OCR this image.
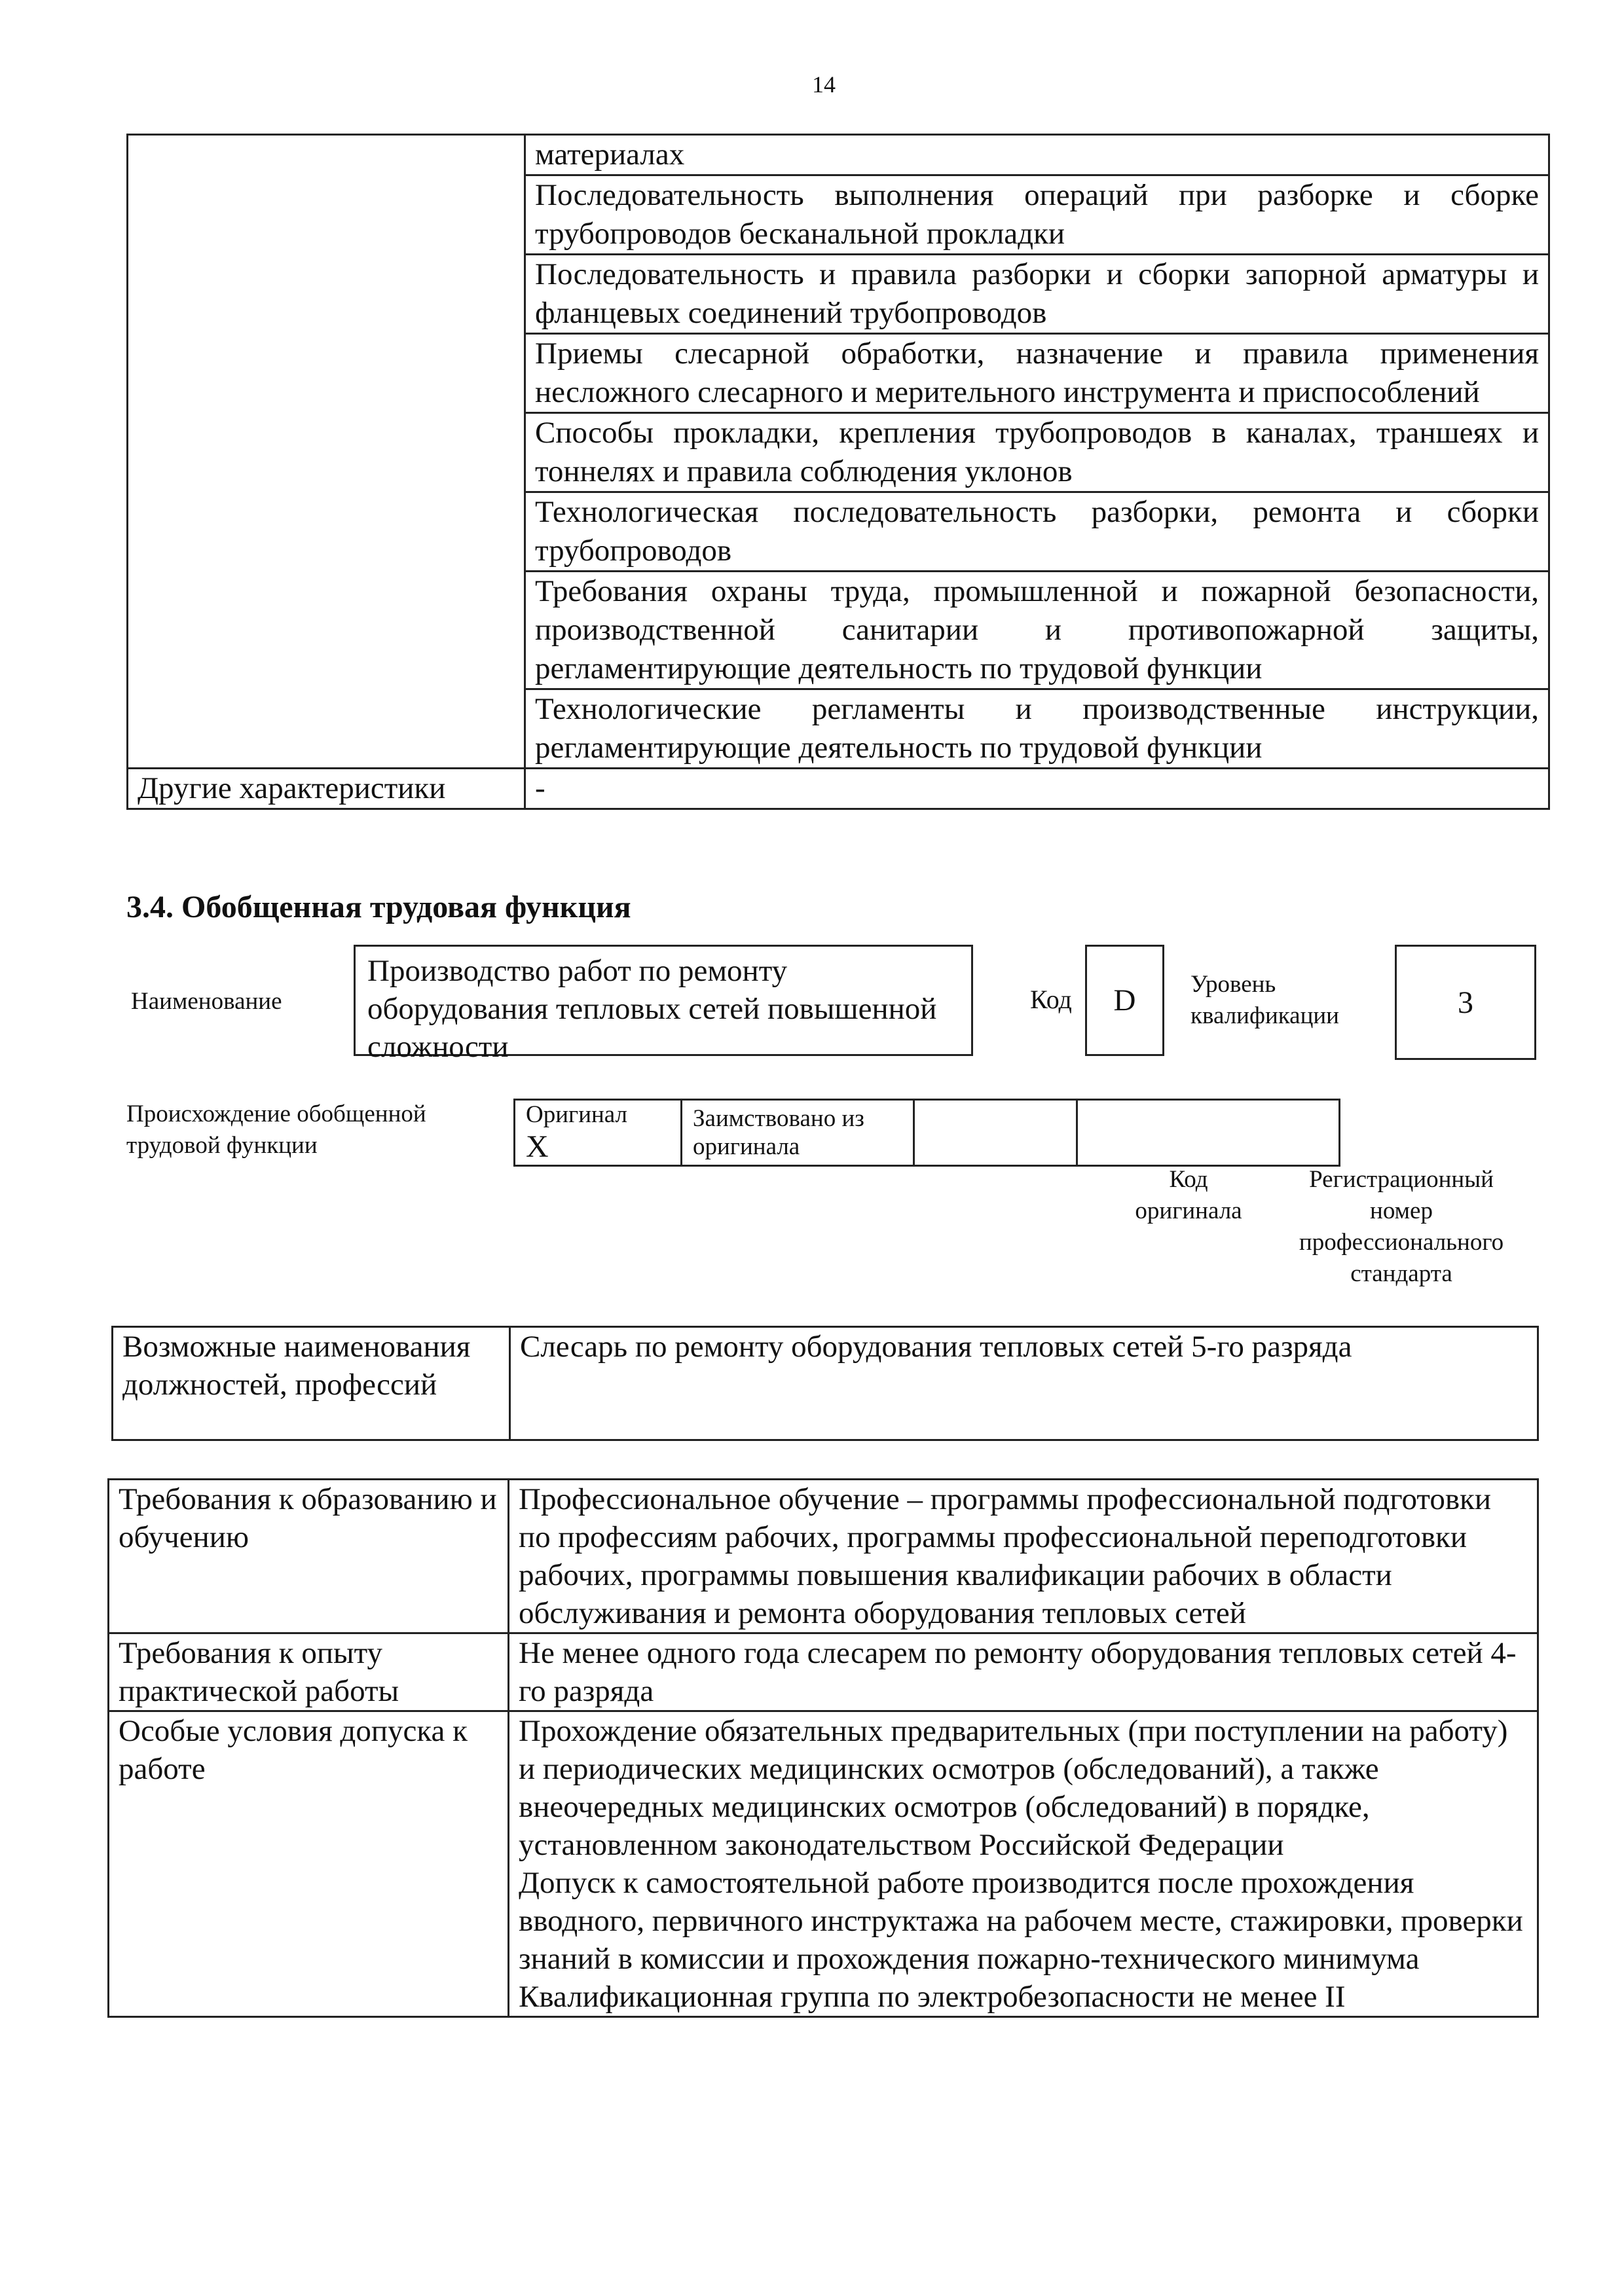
14
	материалах
	Последовательность выполнения операций при разборке и сборке трубопроводов бесканальной прокладки
	Последовательность и правила разборки и сборки запорной арматуры и фланцевых соединений трубопроводов
	Приемы слесарной обработки, назначение и правила применения несложного слесарного и мерительного инструмента и приспособлений
	Способы прокладки, крепления трубопроводов в каналах, траншеях и тоннелях и правила соблюдения уклонов
	Технологическая последовательность разборки, ремонта и сборки трубопроводов
	Требования охраны труда, промышленной и пожарной безопасности, производственной санитарии и противопожарной защиты, регламентирующие деятельность по трудовой функции
	Технологические регламенты и производственные инструкции, регламентирующие деятельность по трудовой функции
Другие характеристики	-
3.4. Обобщенная трудовая функция
Наименование
Производство работ по ремонту оборудования тепловых сетей повышенной сложности
Код	D	Уровень квалификации	3
Происхождение обобщенной трудовой функции
ОригиналX	Заимствовано из оригинала		
Код оригинала
Регистрационный номер профессионального стандарта
Возможные наименования должностей, профессий	Слесарь по ремонту оборудования тепловых сетей 5-го разряда
Требования к образованию и обучению	Профессиональное обучение – программы профессиональной подготовки по профессиям рабочих, программы профессиональной переподготовки рабочих, программы повышения квалификации рабочих в области обслуживания и ремонта оборудования тепловых сетей
Требования к опыту практической работы	Не менее одного года слесарем по ремонту оборудования тепловых сетей 4-го разряда
Особые условия допуска к работе	Прохождение обязательных предварительных (при поступлении на работу) и периодических медицинских осмотров (обследований), а также внеочередных медицинских осмотров (обследований) в порядке, установленном законодательством Российской Федерации
Допуск к самостоятельной работе производится после прохождения вводного, первичного инструктажа на рабочем месте, стажировки, проверки знаний в комиссии и прохождения пожарно-технического минимума
Квалификационная группа по электробезопасности не менее II
